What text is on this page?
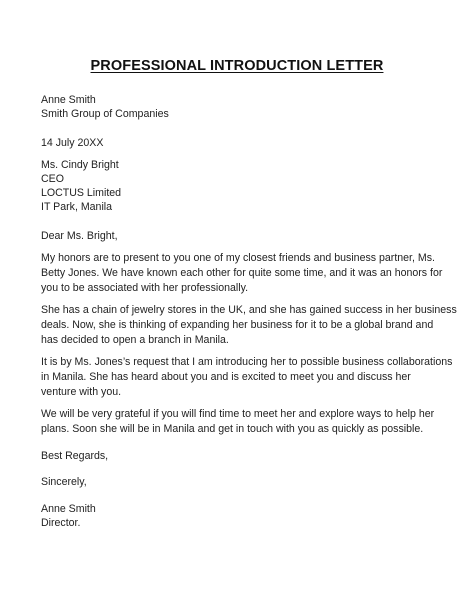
PROFESSIONAL INTRODUCTION LETTER
Anne Smith
Smith Group of Companies
14 July 20XX
Ms. Cindy Bright
CEO
LOCTUS Limited
IT Park, Manila
Dear Ms. Bright,
My honors are to present to you one of my closest friends and business partner, Ms.
Betty Jones. We have known each other for quite some time, and it was an honors for
you to be associated with her professionally.
She has a chain of jewelry stores in the UK, and she has gained success in her business
deals. Now, she is thinking of expanding her business for it to be a global brand and
has decided to open a branch in Manila.
It is by Ms. Jones’s request that I am introducing her to possible business collaborations
in Manila. She has heard about you and is excited to meet you and discuss her
venture with you.
We will be very grateful if you will find time to meet her and explore ways to help her
plans. Soon she will be in Manila and get in touch with you as quickly as possible.
Best Regards,
Sincerely,
Anne Smith
Director.
